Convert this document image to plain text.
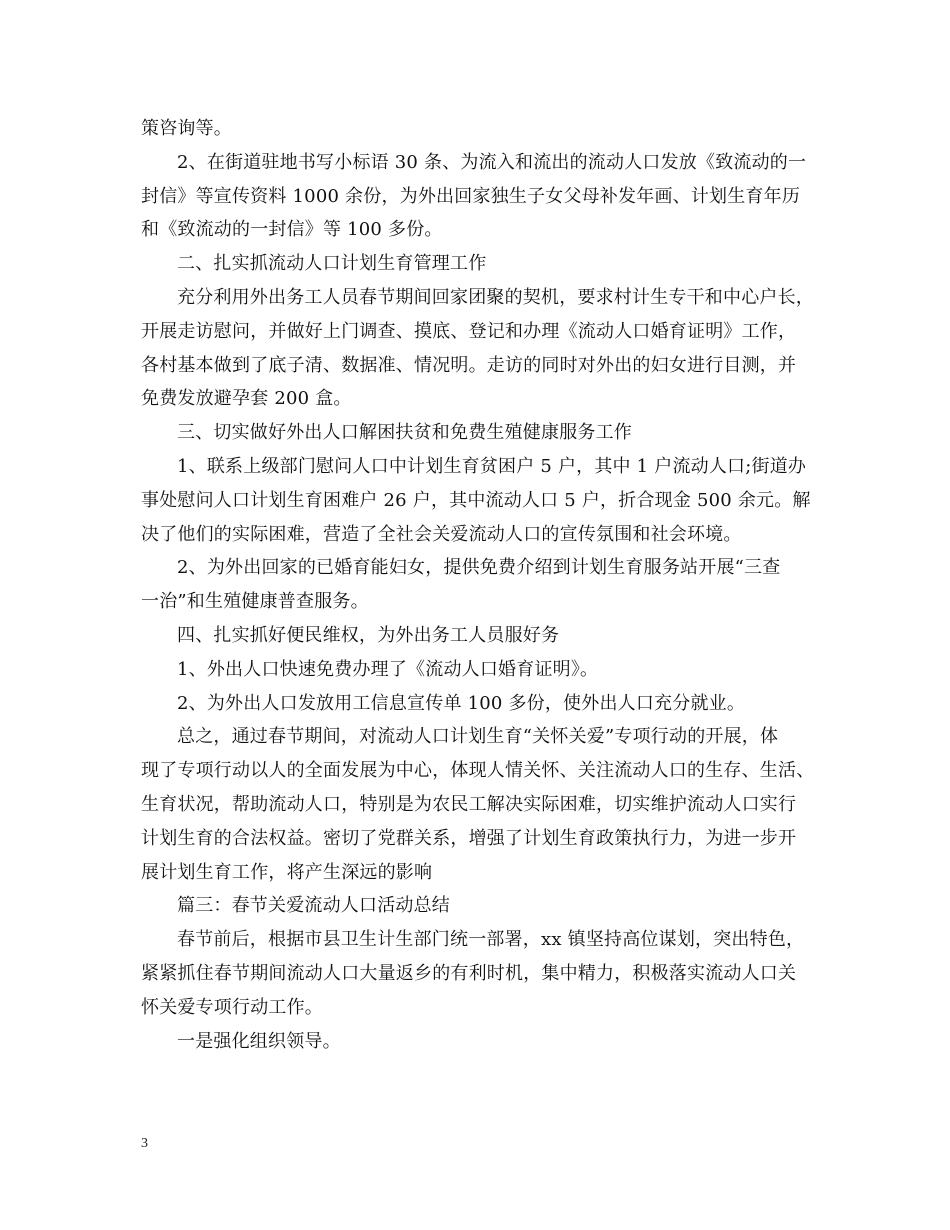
策咨询等。
2、在街道驻地书写小标语 30 条、为流入和流出的流动人口发放《致流动的一
封信》等宣传资料 1000 余份，为外出回家独生子女父母补发年画、计划生育年历
和《致流动的一封信》等 100 多份。
二、扎实抓流动人口计划生育管理工作
充分利用外出务工人员春节期间回家团聚的契机，要求村计生专干和中心户长，
开展走访慰问，并做好上门调查、摸底、登记和办理《流动人口婚育证明》工作，
各村基本做到了底子清、数据准、情况明。走访的同时对外出的妇女进行目测，并
免费发放避孕套 200 盒。
三、切实做好外出人口解困扶贫和免费生殖健康服务工作
1、联系上级部门慰问人口中计划生育贫困户 5 户，其中 1 户流动人口;街道办
事处慰问人口计划生育困难户 26 户，其中流动人口 5 户，折合现金 500 余元。解
决了他们的实际困难，营造了全社会关爱流动人口的宣传氛围和社会环境。
2、为外出回家的已婚育能妇女，提供免费介绍到计划生育服务站开展“三查
一治”和生殖健康普查服务。
四、扎实抓好便民维权，为外出务工人员服好务
1、外出人口快速免费办理了《流动人口婚育证明》。
2、为外出人口发放用工信息宣传单 100 多份，使外出人口充分就业。
总之，通过春节期间，对流动人口计划生育“关怀关爱”专项行动的开展，体
现了专项行动以人的全面发展为中心，体现人情关怀、关注流动人口的生存、生活、
生育状况，帮助流动人口，特别是为农民工解决实际困难，切实维护流动人口实行
计划生育的合法权益。密切了党群关系，增强了计划生育政策执行力，为进一步开
展计划生育工作，将产生深远的影响
篇三：春节关爱流动人口活动总结
春节前后，根据市县卫生计生部门统一部署，xx 镇坚持高位谋划，突出特色，
紧紧抓住春节期间流动人口大量返乡的有利时机，集中精力，积极落实流动人口关
怀关爱专项行动工作。
一是强化组织领导。
3
